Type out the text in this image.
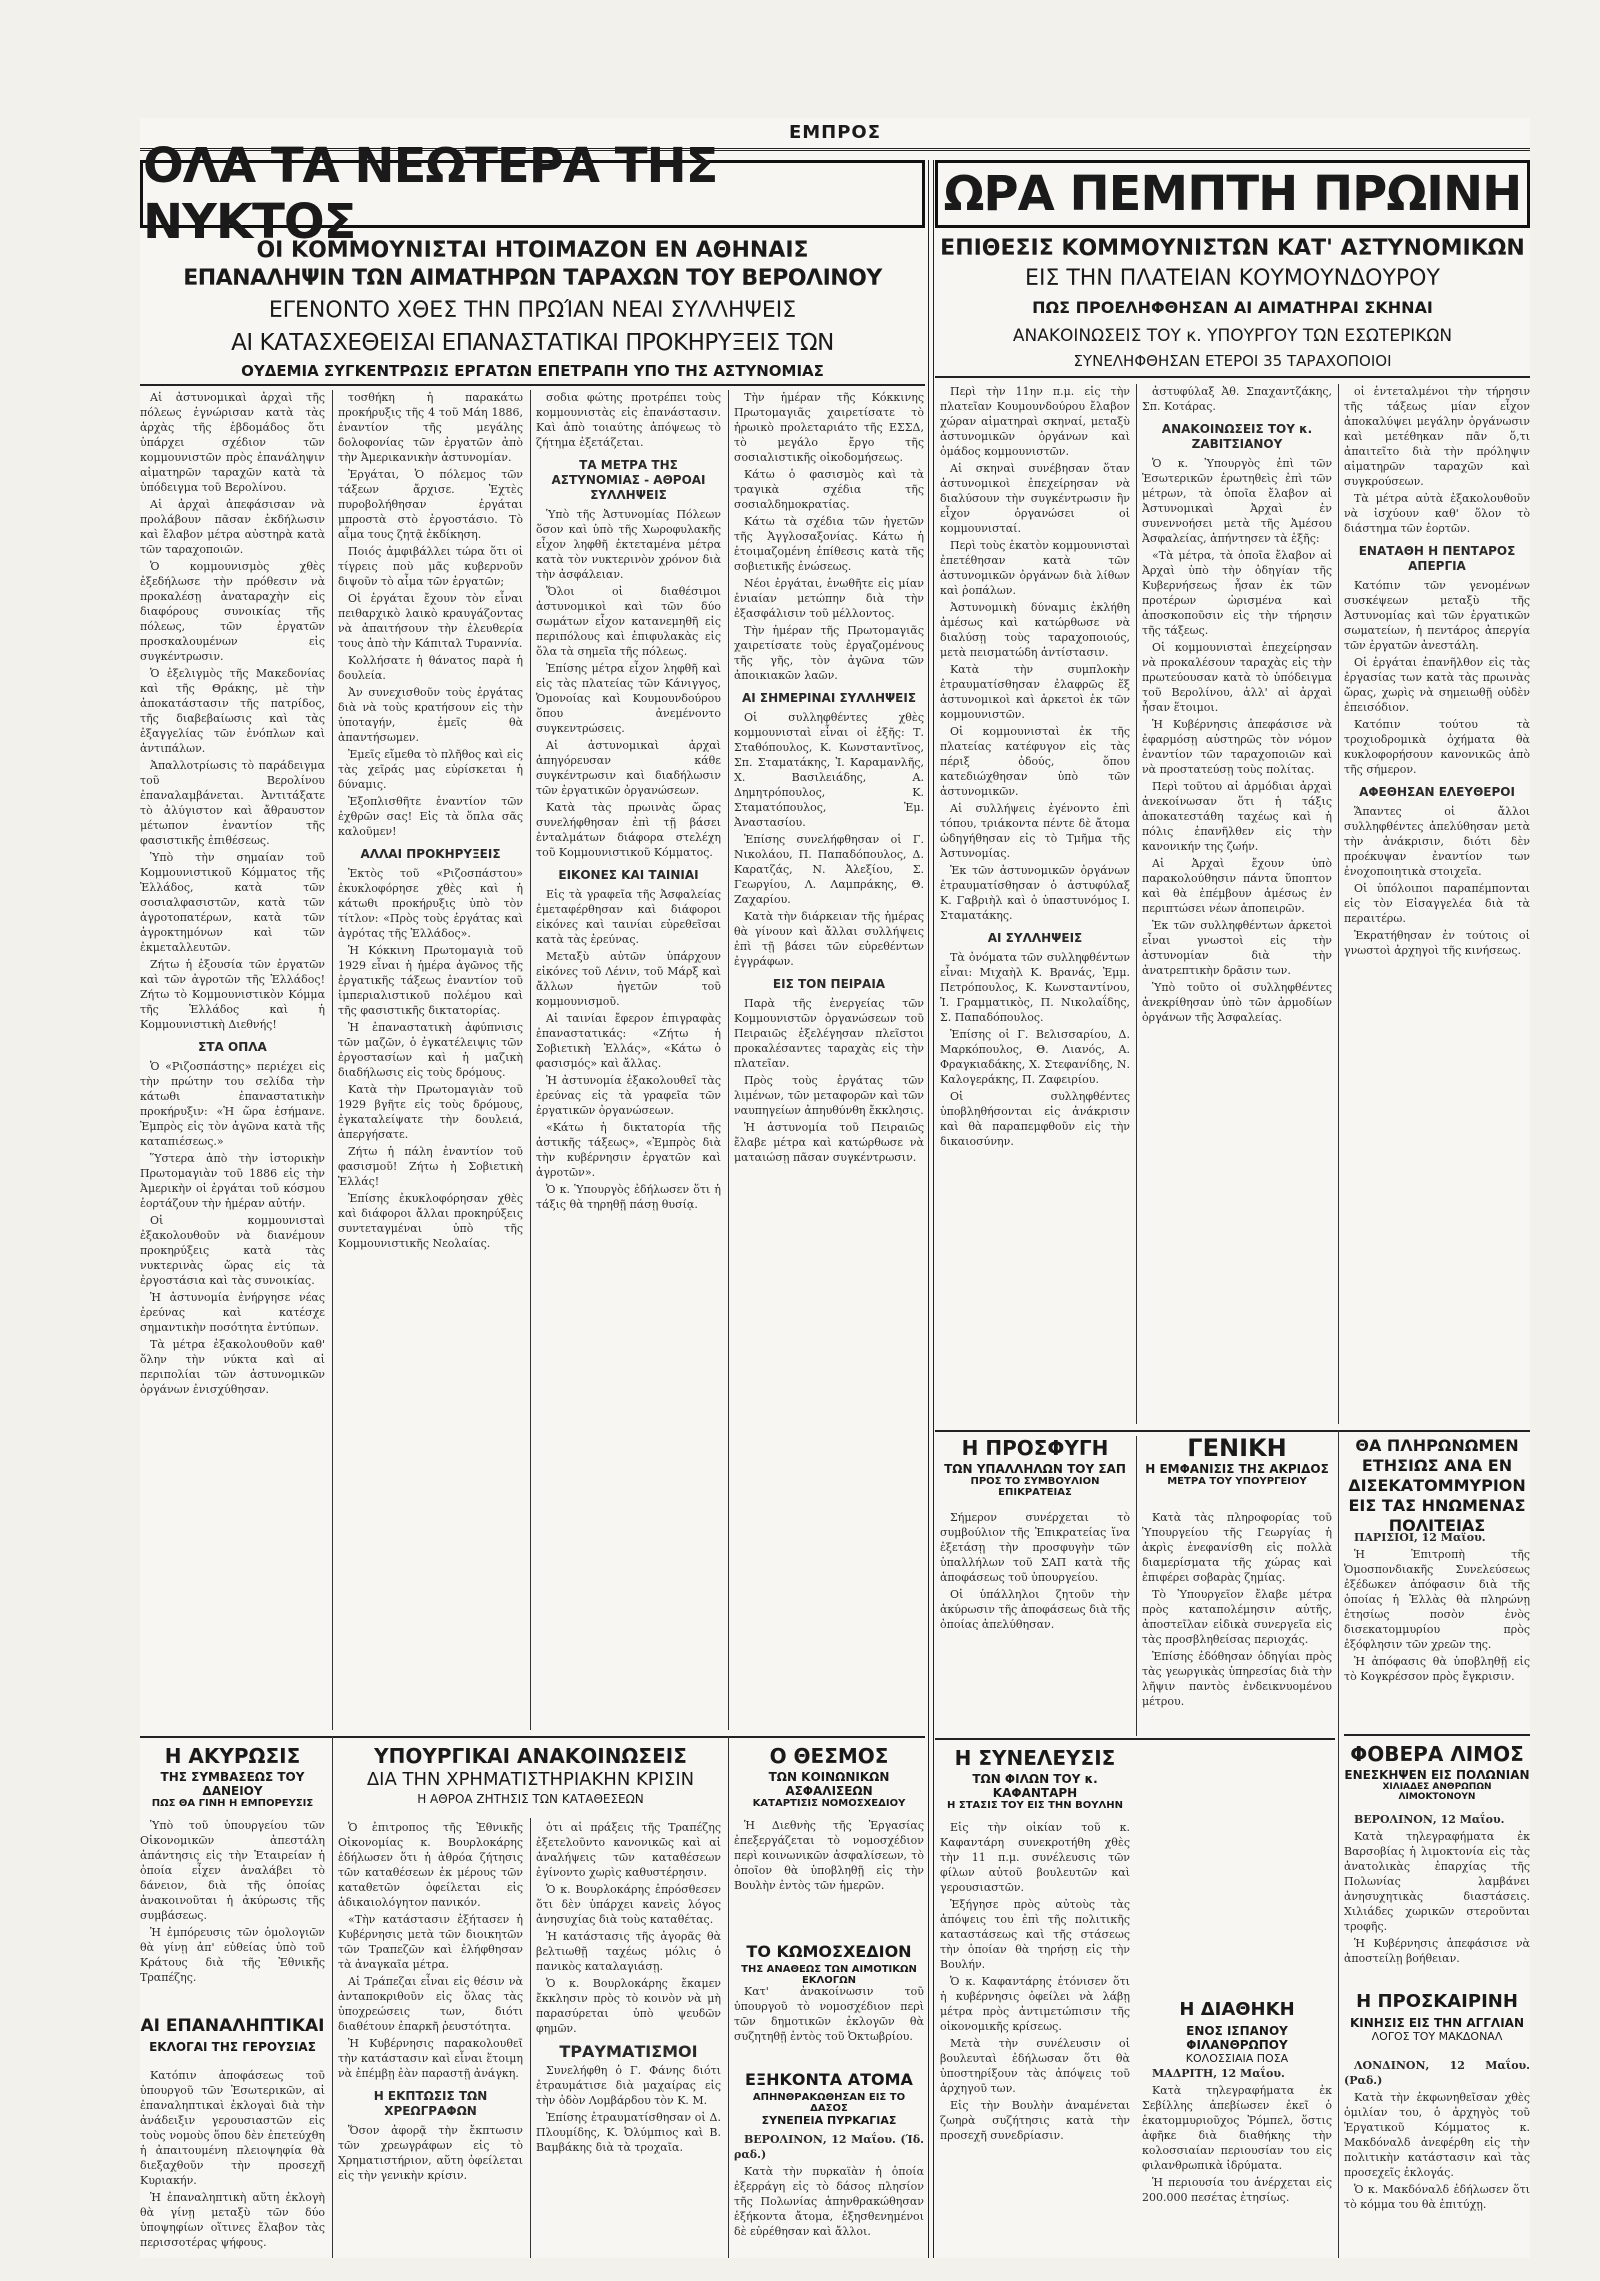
ΕΜΠΡΟΣ
ΟΛΑ ΤΑ ΝΕΩΤΕΡΑ ΤΗΣ ΝΥΚΤΟΣ	ΩΡΑ ΠΕΜΠΤΗ ΠΡΩΙΝΗ
ΟΙ ΚΟΜΜΟΥΝΙΣΤΑΙ ΗΤΟΙΜΑΖΟΝ ΕΝ ΑΘΗΝΑΙΣ
ΕΠΑΝΑΛΗΨΙΝ ΤΩΝ ΑΙΜΑΤΗΡΩΝ ΤΑΡΑΧΩΝ ΤΟΥ ΒΕΡΟΛΙΝΟΥ
ΕΓΕΝΟΝΤΟ ΧΘΕΣ ΤΗΝ ΠΡΩΊΑΝ ΝΕΑΙ ΣΥΛΛΗΨΕΙΣ
ΑΙ ΚΑΤΑΣΧΕΘΕΙΣΑΙ ΕΠΑΝΑΣΤΑΤΙΚΑΙ ΠΡΟΚΗΡΥΞΕΙΣ ΤΩΝ
ΟΥΔΕΜΙΑ ΣΥΓΚΕΝΤΡΩΣΙΣ ΕΡΓΑΤΩΝ ΕΠΕΤΡΑΠΗ ΥΠΟ ΤΗΣ ΑΣΤΥΝΟΜΙΑΣ
ΕΠΙΘΕΣΙΣ ΚΟΜΜΟΥΝΙΣΤΩΝ ΚΑΤ' ΑΣΤΥΝΟΜΙΚΩΝ
ΕΙΣ ΤΗΝ ΠΛΑΤΕΙΑΝ ΚΟΥΜΟΥΝΔΟΥΡΟΥ
ΠΩΣ ΠΡΟΕΛΗΦΘΗΣΑΝ ΑΙ ΑΙΜΑΤΗΡΑΙ ΣΚΗΝΑΙ
ΑΝΑΚΟΙΝΩΣΕΙΣ ΤΟΥ κ. ΥΠΟΥΡΓΟΥ ΤΩΝ ΕΣΩΤΕΡΙΚΩΝ
ΣΥΝΕΛΗΦΘΗΣΑΝ ΕΤΕΡΟΙ 35 ΤΑΡΑΧΟΠΟΙΟΙ

Αἱ ἀστυνομικαὶ ἀρχαὶ τῆς πόλεως ἐγνώρισαν κατὰ τὰς ἀρχὰς τῆς ἑβδομάδος ὅτι ὑπάρχει σχέδιον τῶν κομμουνιστῶν πρὸς ἐπανάληψιν αἱματηρῶν ταραχῶν κατὰ τὰ ὑπόδειγμα τοῦ Βερολίνου.

Αἱ ἀρχαὶ ἀπεφάσισαν νὰ προλάβουν πᾶσαν ἐκδήλωσιν καὶ ἔλαβον μέτρα αὐστηρὰ κατὰ τῶν ταραχοποιῶν.

Ὁ κομμουνισμὸς χθὲς ἐξεδήλωσε τὴν πρόθεσιν νὰ προκαλέσῃ ἀναταραχὴν εἰς διαφόρους συνοικίας τῆς πόλεως, τῶν ἐργατῶν προσκαλουμένων εἰς συγκέντρωσιν.

Ὁ ἐξελιγμὸς τῆς Μακεδονίας καὶ τῆς Θράκης, μὲ τὴν ἀποκατάστασιν τῆς πατρίδος, τῆς διαβεβαίωσις καὶ τὰς ἐξαγγελίας τῶν ἐνόπλων καὶ ἀντιπάλων.

Ἀπαλλοτρίωσις τὸ παράδειγμα τοῦ Βερολίνου ἐπαναλαμβάνεται. Ἀντιτάξατε τὸ ἀλύγιστον καὶ ἄθραυστον μέτωπον ἐναντίον τῆς φασιστικῆς ἐπιθέσεως.

Ὑπὸ τὴν σημαίαν τοῦ Κομμουνιστικοῦ Κόμματος τῆς Ἑλλάδος, κατὰ τῶν σοσιαλφασιστῶν, κατὰ τῶν ἀγροτοπατέρων, κατὰ τῶν ἀγροκτημόνων καὶ τῶν ἐκμεταλλευτῶν.

Ζήτω ἡ ἐξουσία τῶν ἐργατῶν καὶ τῶν ἀγροτῶν τῆς Ἑλλάδος! Ζήτω τὸ Κομμουνιστικὸν Κόμμα τῆς Ἑλλάδος καὶ ἡ Κομμουνιστικὴ Διεθνής!

ΣΤΑ ΟΠΛΑ

Ὁ «Ριζοσπάστης» περιέχει εἰς τὴν πρώτην του σελίδα τὴν κάτωθι ἐπαναστατικὴν προκήρυξιν: «Ἡ ὥρα ἐσήμανε. Ἐμπρὸς εἰς τὸν ἀγῶνα κατὰ τῆς καταπιέσεως.»

Ὕστερα ἀπὸ τὴν ἱστορικὴν Πρωτομαγιὰν τοῦ 1886 εἰς τὴν Ἀμερικὴν οἱ ἐργάται τοῦ κόσμου ἑορτάζουν τὴν ἡμέραν αὐτήν.

Οἱ κομμουνισταὶ ἐξακολουθοῦν νὰ διανέμουν προκηρύξεις κατὰ τὰς νυκτερινὰς ὥρας εἰς τὰ ἐργοστάσια καὶ τὰς συνοικίας.

Ἡ ἀστυνομία ἐνήργησε νέας ἐρεύνας καὶ κατέσχε σημαντικὴν ποσότητα ἐντύπων.

Τὰ μέτρα ἐξακολουθοῦν καθ' ὅλην τὴν νύκτα καὶ αἱ περιπολίαι τῶν ἀστυνομικῶν ὀργάνων ἐνισχύθησαν.

τοσθήκη ἡ παρακάτω προκήρυξις τῆς 4 τοῦ Μάη 1886, ἐναντίον τῆς μεγάλης δολοφονίας τῶν ἐργατῶν ἀπὸ τὴν Ἀμερικανικὴν ἀστυνομίαν.

Ἐργάται, Ὁ πόλεμος τῶν τάξεων ἄρχισε. Ἐχτὲς πυροβολήθησαν ἐργάται μπροστὰ στὸ ἐργοστάσιο. Τὸ αἷμα τους ζητᾷ ἐκδίκηση.

Ποιός ἀμφιβάλλει τώρα ὅτι οἱ τίγρεις ποὺ μᾶς κυβερνοῦν διψοῦν τὸ αἷμα τῶν ἐργατῶν;

Οἱ ἐργάται ἔχουν τὸν εἶναι πειθαρχικὸ λαικὸ κραυγάζοντας νὰ ἀπαιτήσουν τὴν ἐλευθερία τους ἀπὸ τὴν Κάπιταλ Τυραννία.

Κολλήσατε ἡ θάνατος παρὰ ἡ δουλεία.

Ἀν συνεχισθοῦν τοὺς ἐργάτας διὰ νὰ τοὺς κρατήσουν εἰς τὴν ὑποταγήν, ἐμεῖς θὰ ἀπαντήσωμεν.

Ἐμεῖς εἴμεθα τὸ πλῆθος καὶ εἰς τὰς χεῖράς μας εὑρίσκεται ἡ δύναμις.

Ἐξοπλισθῆτε ἐναντίον τῶν ἐχθρῶν σας! Εἰς τὰ ὅπλα σᾶς καλοῦμεν!

ΑΛΛΑΙ ΠΡΟΚΗΡΥΞΕΙΣ

Ἐκτὸς τοῦ «Ριζοσπάστου» ἐκυκλοφόρησε χθὲς καὶ ἡ κάτωθι προκήρυξις ὑπὸ τὸν τίτλον: «Πρὸς τοὺς ἐργάτας καὶ ἀγρότας τῆς Ἑλλάδος».

Ἡ Κόκκινη Πρωτομαγιὰ τοῦ 1929 εἶναι ἡ ἡμέρα ἀγῶνος τῆς ἐργατικῆς τάξεως ἐναντίον τοῦ ἱμπεριαλιστικοῦ πολέμου καὶ τῆς φασιστικῆς δικτατορίας.

Ἡ ἐπαναστατικὴ ἀφύπνισις τῶν μαζῶν, ὁ ἐγκατέλειψις τῶν ἐργοστασίων καὶ ἡ μαζικὴ διαδήλωσις εἰς τοὺς δρόμους.

Κατὰ τὴν Πρωτομαγιὰν τοῦ 1929 βγῆτε εἰς τοὺς δρόμους, ἐγκαταλείψατε τὴν δουλειά, ἀπεργήσατε.

Ζήτω ἡ πάλη ἐναντίον τοῦ φασισμοῦ! Ζήτω ἡ Σοβιετικὴ Ἑλλάς!

Ἐπίσης ἐκυκλοφόρησαν χθὲς καὶ διάφοροι ἄλλαι προκηρύξεις συντεταγμέναι ὑπὸ τῆς Κομμουνιστικῆς Νεολαίας.

σοδια φώτης προτρέπει τοὺς κομμουνιστὰς εἰς ἐπανάστασιν. Καὶ ἀπὸ τοιαύτης ἀπόψεως τὸ ζήτημα ἐξετάζεται.

ΤΑ ΜΕΤΡΑ ΤΗΣ ΑΣΤΥΝΟΜΙΑΣ - ΑΘΡΟΑΙ ΣΥΛΛΗΨΕΙΣ

Ὑπὸ τῆς Ἀστυνομίας Πόλεων ὅσον καὶ ὑπὸ τῆς Χωροφυλακῆς εἶχον ληφθῆ ἐκτεταμένα μέτρα κατὰ τὸν νυκτερινὸν χρόνον διὰ τὴν ἀσφάλειαν.

Ὅλοι οἱ διαθέσιμοι ἀστυνομικοὶ καὶ τῶν δύο σωμάτων εἶχον κατανεμηθῆ εἰς περιπόλους καὶ ἐπιφυλακὰς εἰς ὅλα τὰ σημεῖα τῆς πόλεως.

Ἐπίσης μέτρα εἶχον ληφθῆ καὶ εἰς τὰς πλατείας τῶν Κάνιγγος, Ὁμονοίας καὶ Κουμουνδούρου ὅπου ἀνεμένοντο συγκεντρώσεις.

Αἱ ἀστυνομικαὶ ἀρχαὶ ἀπηγόρευσαν κάθε συγκέντρωσιν καὶ διαδήλωσιν τῶν ἐργατικῶν ὀργανώσεων.

Κατὰ τὰς πρωινὰς ὥρας συνελήφθησαν ἐπὶ τῇ βάσει ἐνταλμάτων διάφορα στελέχη τοῦ Κομμουνιστικοῦ Κόμματος.

ΕΙΚΟΝΕΣ ΚΑΙ ΤΑΙΝΙΑΙ

Εἰς τὰ γραφεῖα τῆς Ἀσφαλείας ἐμεταφέρθησαν καὶ διάφοροι εἰκόνες καὶ ταινίαι εὑρεθεῖσαι κατὰ τὰς ἐρεύνας.

Μεταξὺ αὐτῶν ὑπάρχουν εἰκόνες τοῦ Λένιν, τοῦ Μάρξ καὶ ἄλλων ἡγετῶν τοῦ κομμουνισμοῦ.

Αἱ ταινίαι ἔφερον ἐπιγραφὰς ἐπαναστατικάς: «Ζήτω ἡ Σοβιετικὴ Ἑλλάς», «Κάτω ὁ φασισμός» καὶ ἄλλας.

Ἡ ἀστυνομία ἐξακολουθεῖ τὰς ἐρεύνας εἰς τὰ γραφεῖα τῶν ἐργατικῶν ὀργανώσεων.

«Κάτω ἡ δικτατορία τῆς ἀστικῆς τάξεως», «Ἐμπρὸς διὰ τὴν κυβέρνησιν ἐργατῶν καὶ ἀγροτῶν».

Ὁ κ. Ὑπουργὸς ἐδήλωσεν ὅτι ἡ τάξις θὰ τηρηθῇ πάσῃ θυσίᾳ.

Τὴν ἡμέραν τῆς Κόκκινης Πρωτομαγιᾶς χαιρετίσατε τὸ ἡρωικὸ προλεταριάτο τῆς ΕΣΣΔ, τὸ μεγάλο ἔργο τῆς σοσιαλιστικῆς οἰκοδομήσεως.

Κάτω ὁ φασισμὸς καὶ τὰ τραγικὰ σχέδια τῆς σοσιαλδημοκρατίας.

Κάτω τὰ σχέδια τῶν ἡγετῶν τῆς Ἀγγλοσαξονίας. Κάτω ἡ ἑτοιμαζομένη ἐπίθεσις κατὰ τῆς σοβιετικῆς ἐνώσεως.

Νέοι ἐργάται, ἑνωθῆτε εἰς μίαν ἑνιαίαν μετώπην διὰ τὴν ἐξασφάλισιν τοῦ μέλλοντος.

Τὴν ἡμέραν τῆς Πρωτομαγιᾶς χαιρετίσατε τοὺς ἐργαζομένους τῆς γῆς, τὸν ἀγῶνα τῶν ἀποικιακῶν λαῶν.

ΑΙ ΣΗΜΕΡΙΝΑΙ ΣΥΛΛΗΨΕΙΣ

Οἱ συλληφθέντες χθὲς κομμουνισταὶ εἶναι οἱ ἑξῆς: Τ. Σταθόπουλος, Κ. Κωνσταντῖνος, Σπ. Σταματάκης, Ἰ. Καραμανλῆς, Χ. Βασιλειάδης, Α. Δημητρόπουλος, Κ. Σταματόπουλος, Ἐμ. Ἀναστασίου.

Ἐπίσης συνελήφθησαν οἱ Γ. Νικολάου, Π. Παπαδόπουλος, Δ. Καρατζάς, Ν. Ἀλεξίου, Σ. Γεωργίου, Λ. Λαμπράκης, Θ. Ζαχαρίου.

Κατὰ τὴν διάρκειαν τῆς ἡμέρας θὰ γίνουν καὶ ἄλλαι συλλήψεις ἐπὶ τῇ βάσει τῶν εὑρεθέντων ἐγγράφων.

ΕΙΣ ΤΟΝ ΠΕΙΡΑΙΑ

Παρὰ τῆς ἐνεργείας τῶν Κομμουνιστῶν ὀργανώσεων τοῦ Πειραιῶς ἐξελέγησαν πλεῖστοι προκαλέσαντες ταραχὰς εἰς τὴν πλατεῖαν.

Πρὸς τοὺς ἐργάτας τῶν λιμένων, τῶν μεταφορῶν καὶ τῶν ναυπηγείων ἀπηυθύνθη ἔκκλησις.

Ἡ ἀστυνομία τοῦ Πειραιῶς ἔλαβε μέτρα καὶ κατώρθωσε νὰ ματαιώσῃ πᾶσαν συγκέντρωσιν.

Περὶ τὴν 11ην π.μ. εἰς τὴν πλατεῖαν Κουμουνδούρου ἔλαβον χώραν αἱματηραὶ σκηναί, μεταξὺ ἀστυνομικῶν ὀργάνων καὶ ὁμάδος κομμουνιστῶν.

Αἱ σκηναὶ συνέβησαν ὅταν ἀστυνομικοὶ ἐπεχείρησαν νὰ διαλύσουν τὴν συγκέντρωσιν ἣν εἶχον ὀργανώσει οἱ κομμουνισταί.

Περὶ τοὺς ἑκατὸν κομμουνισταὶ ἐπετέθησαν κατὰ τῶν ἀστυνομικῶν ὀργάνων διὰ λίθων καὶ ῥοπάλων.

Ἀστυνομικὴ δύναμις ἐκλήθη ἀμέσως καὶ κατώρθωσε νὰ διαλύσῃ τοὺς ταραχοποιούς, μετὰ πεισματώδη ἀντίστασιν.

Κατὰ τὴν συμπλοκὴν ἐτραυματίσθησαν ἐλαφρῶς ἕξ ἀστυνομικοὶ καὶ ἀρκετοὶ ἐκ τῶν κομμουνιστῶν.

Οἱ κομμουνισταὶ ἐκ τῆς πλατείας κατέφυγον εἰς τὰς πέριξ ὁδούς, ὅπου κατεδιώχθησαν ὑπὸ τῶν ἀστυνομικῶν.

Αἱ συλλήψεις ἐγένοντο ἐπὶ τόπου, τριάκοντα πέντε δὲ ἄτομα ὡδηγήθησαν εἰς τὸ Τμῆμα τῆς Ἀστυνομίας.

Ἐκ τῶν ἀστυνομικῶν ὀργάνων ἐτραυματίσθησαν ὁ ἀστυφύλαξ Κ. Γαβριὴλ καὶ ὁ ὑπαστυνόμος Ι. Σταματάκης.

ΑΙ ΣΥΛΛΗΨΕΙΣ

Τὰ ὀνόματα τῶν συλληφθέντων εἶναι: Μιχαὴλ Κ. Βρανάς, Ἐμμ. Πετρόπουλος, Κ. Κωνσταντίνου, Ἰ. Γραμματικὸς, Π. Νικολαΐδης, Σ. Παπαδόπουλος.

Ἐπίσης οἱ Γ. Βελισσαρίου, Δ. Μαρκόπουλος, Θ. Λιανός, Α. Φραγκιαδάκης, Χ. Στεφανίδης, Ν. Καλογεράκης, Π. Ζαφειρίου.

Οἱ συλληφθέντες ὑποβληθήσονται εἰς ἀνάκρισιν καὶ θὰ παραπεμφθοῦν εἰς τὴν δικαιοσύνην.

ἀστυφύλαξ Ἀθ. Σπαχαντζάκης, Σπ. Κοτάρας.

ΑΝΑΚΟΙΝΩΣΕΙΣ ΤΟΥ κ. ΖΑΒΙΤΣΙΑΝΟΥ

Ὁ κ. Ὑπουργὸς ἐπὶ τῶν Ἐσωτερικῶν ἐρωτηθεὶς ἐπὶ τῶν μέτρων, τὰ ὁποῖα ἔλαβον αἱ Ἀστυνομικαὶ Ἀρχαὶ ἐν συνεννοήσει μετὰ τῆς Ἀμέσου Ἀσφαλείας, ἀπήντησεν τὰ ἑξῆς:

«Τὰ μέτρα, τὰ ὁποῖα ἔλαβον αἱ Ἀρχαὶ ὑπὸ τὴν ὁδηγίαν τῆς Κυβερνήσεως ἦσαν ἐκ τῶν προτέρων ὡρισμένα καὶ ἀποσκοποῦσιν εἰς τὴν τήρησιν τῆς τάξεως.

Οἱ κομμουνισταὶ ἐπεχείρησαν νὰ προκαλέσουν ταραχὰς εἰς τὴν πρωτεύουσαν κατὰ τὸ ὑπόδειγμα τοῦ Βερολίνου, ἀλλ' αἱ ἀρχαὶ ἦσαν ἕτοιμοι.

Ἡ Κυβέρνησις ἀπεφάσισε νὰ ἐφαρμόσῃ αὐστηρῶς τὸν νόμον ἐναντίον τῶν ταραχοποιῶν καὶ νὰ προστατεύσῃ τοὺς πολίτας.

Περὶ τοῦτου αἱ ἀρμόδιαι ἀρχαὶ ἀνεκοίνωσαν ὅτι ἡ τάξις ἀποκατεστάθη ταχέως καὶ ἡ πόλις ἐπανῆλθεν εἰς τὴν κανονικήν της ζωήν.

Αἱ Ἀρχαὶ ἔχουν ὑπὸ παρακολούθησιν πάντα ὕποπτον καὶ θὰ ἐπέμβουν ἀμέσως ἐν περιπτώσει νέων ἀποπειρῶν.

Ἐκ τῶν συλληφθέντων ἀρκετοὶ εἶναι γνωστοὶ εἰς τὴν ἀστυνομίαν διὰ τὴν ἀνατρεπτικὴν δρᾶσιν των.

Ὑπὸ τοῦτο οἱ συλληφθέντες ἀνεκρίθησαν ὑπὸ τῶν ἀρμοδίων ὀργάνων τῆς Ἀσφαλείας.

οἱ ἐντεταλμένοι τὴν τήρησιν τῆς τάξεως μίαν εἶχον ἀποκαλύψει μεγάλην ὀργάνωσιν καὶ μετέθηκαν πᾶν ὅ,τι ἀπαιτεῖτο διὰ τὴν πρόληψιν αἱματηρῶν ταραχῶν καὶ συγκρούσεων.

Τὰ μέτρα αὐτὰ ἐξακολουθοῦν νὰ ἰσχύουν καθ' ὅλον τὸ διάστημα τῶν ἑορτῶν.

ΕΝΑΤΑΘΗ Η ΠΕΝΤΑΡΟΣ ΑΠΕΡΓΙΑ

Κατόπιν τῶν γενομένων συσκέψεων μεταξὺ τῆς Ἀστυνομίας καὶ τῶν ἐργατικῶν σωματείων, ἡ πεντάρος ἀπεργία τῶν ἐργατῶν ἀνεστάλη.

Οἱ ἐργάται ἐπανῆλθον εἰς τὰς ἐργασίας των κατὰ τὰς πρωινὰς ὥρας, χωρὶς νὰ σημειωθῇ οὐδὲν ἐπεισόδιον.

Κατόπιν τούτου τὰ τροχιοδρομικὰ ὀχήματα θὰ κυκλοφορήσουν κανονικῶς ἀπὸ τῆς σήμερον.

ΑΦΕΘΗΣΑΝ ΕΛΕΥΘΕΡΟΙ

Ἅπαντες οἱ ἄλλοι συλληφθέντες ἀπελύθησαν μετὰ τὴν ἀνάκρισιν, διότι δὲν προέκυψαν ἐναντίον των ἐνοχοποιητικὰ στοιχεῖα.

Οἱ ὑπόλοιποι παραπέμπονται εἰς τὸν Εἰσαγγελέα διὰ τὰ περαιτέρω.

Ἐκρατήθησαν ἐν τούτοις οἱ γνωστοὶ ἀρχηγοὶ τῆς κινήσεως.

Η ΠΡΟΣΦΥΓΗ
ΤΩΝ ΥΠΑΛΛΗΛΩΝ ΤΟΥ ΣΑΠ
ΠΡΟΣ ΤΟ ΣΥΜΒΟΥΛΙΟΝ ΕΠΙΚΡΑΤΕΙΑΣ

Σήμερον συνέρχεται τὸ συμβούλιον τῆς Ἐπικρατείας ἵνα ἐξετάσῃ τὴν προσφυγὴν τῶν ὑπαλλήλων τοῦ ΣΑΠ κατὰ τῆς ἀποφάσεως τοῦ ὑπουργείου.

Οἱ ὑπάλληλοι ζητοῦν τὴν ἀκύρωσιν τῆς ἀποφάσεως διὰ τῆς ὁποίας ἀπελύθησαν.

ΓΕΝΙΚΗ
Η ΕΜΦΑΝΙΣΙΣ ΤΗΣ ΑΚΡΙΔΟΣ
ΜΕΤΡΑ ΤΟΥ ΥΠΟΥΡΓΕΙΟΥ

Κατὰ τὰς πληροφορίας τοῦ Ὑπουργείου τῆς Γεωργίας ἡ ἀκρὶς ἐνεφανίσθη εἰς πολλὰ διαμερίσματα τῆς χώρας καὶ ἐπιφέρει σοβαρὰς ζημίας.

Τὸ Ὑπουργεῖον ἔλαβε μέτρα πρὸς καταπολέμησιν αὐτῆς, ἀποστεῖλαν εἰδικὰ συνεργεῖα εἰς τὰς προσβληθείσας περιοχάς.

Ἐπίσης ἐδόθησαν ὁδηγίαι πρὸς τὰς γεωργικὰς ὑπηρεσίας διὰ τὴν λῆψιν παντὸς ἐνδεικνυομένου μέτρου.

ΘΑ ΠΛΗΡΩΝΩΜΕΝ ΕΤΗΣΙΩΣ ΑΝΑ ΕΝ ΔΙΣΕΚΑΤΟΜΜΥΡΙΟΝ ΕΙΣ ΤΑΣ ΗΝΩΜΕΝΑΣ ΠΟΛΙΤΕΙΑΣ

ΠΑΡΙΣΙΟΙ, 12 Μαΐου.

Ἡ Ἐπιτροπὴ τῆς Ὁμοσπονδιακῆς Συνελεύσεως ἐξέδωκεν ἀπόφασιν διὰ τῆς ὁποίας ἡ Ἑλλὰς θὰ πληρώνῃ ἐτησίως ποσὸν ἑνὸς δισεκατομμυρίου πρὸς ἐξόφλησιν τῶν χρεῶν της.

Ἡ ἀπόφασις θὰ ὑποβληθῇ εἰς τὸ Κογκρέσσον πρὸς ἔγκρισιν.

Η ΑΚΥΡΩΣΙΣ
ΤΗΣ ΣΥΜΒΑΣΕΩΣ ΤΟΥ ΔΑΝΕΙΟΥ
ΠΩΣ ΘΑ ΓΙΝΗ Η ΕΜΠΟΡΕΥΣΙΣ

Ὑπὸ τοῦ ὑπουργείου τῶν Οἰκονομικῶν ἀπεστάλη ἀπάντησις εἰς τὴν Ἑταιρείαν ἡ ὁποία εἶχεν ἀναλάβει τὸ δάνειον, διὰ τῆς ὁποίας ἀνακοινοῦται ἡ ἀκύρωσις τῆς συμβάσεως.

Ἡ ἐμπόρευσις τῶν ὁμολογιῶν θὰ γίνῃ ἀπ' εὐθείας ὑπὸ τοῦ Κράτους διὰ τῆς Ἐθνικῆς Τραπέζης.

ΑΙ ΕΠΑΝΑΛΗΠΤΙΚΑΙ
ΕΚΛΟΓΑΙ ΤΗΣ ΓΕΡΟΥΣΙΑΣ

Κατόπιν ἀποφάσεως τοῦ ὑπουργοῦ τῶν Ἐσωτερικῶν, αἱ ἐπαναληπτικαὶ ἐκλογαὶ διὰ τὴν ἀνάδειξιν γερουσιαστῶν εἰς τοὺς νομοὺς ὅπου δὲν ἐπετεύχθη ἡ ἀπαιτουμένη πλειοψηφία θὰ διεξαχθοῦν τὴν προσεχῆ Κυριακήν.

Ἡ ἐπαναληπτικὴ αὕτη ἐκλογὴ θὰ γίνῃ μεταξὺ τῶν δύο ὑποψηφίων οἵτινες ἔλαβον τὰς περισσοτέρας ψήφους.

ΥΠΟΥΡΓΙΚΑΙ ΑΝΑΚΟΙΝΩΣΕΙΣ
ΔΙΑ ΤΗΝ ΧΡΗΜΑΤΙΣΤΗΡΙΑΚΗΝ ΚΡΙΣΙΝ
Η ΑΘΡΟΑ ΖΗΤΗΣΙΣ ΤΩΝ ΚΑΤΑΘΕΣΕΩΝ

Ὁ ἐπιτροπος τῆς Ἐθνικῆς Οἰκονομίας κ. Βουρλοκάρης ἐδήλωσεν ὅτι ἡ ἀθρόα ζήτησις τῶν καταθέσεων ἐκ μέρους τῶν καταθετῶν ὀφείλεται εἰς ἀδικαιολόγητον πανικόν.

«Τὴν κατάστασιν ἐξήτασεν ἡ Κυβέρνησις μετὰ τῶν διοικητῶν τῶν Τραπεζῶν καὶ ἐλήφθησαν τὰ ἀναγκαῖα μέτρα.

Αἱ Τράπεζαι εἶναι εἰς θέσιν νὰ ἀνταποκριθοῦν εἰς ὅλας τὰς ὑποχρεώσεις των, διότι διαθέτουν ἐπαρκῆ ῥευστότητα.

Ἡ Κυβέρνησις παρακολουθεῖ τὴν κατάστασιν καὶ εἶναι ἕτοιμη νὰ ἐπέμβῃ ἐὰν παραστῇ ἀνάγκη.

Η ΕΚΠΤΩΣΙΣ ΤΩΝ ΧΡΕΩΓΡΑΦΩΝ

Ὅσον ἀφορᾷ τὴν ἔκπτωσιν τῶν χρεωγράφων εἰς τὸ Χρηματιστήριον, αὕτη ὀφείλεται εἰς τὴν γενικὴν κρίσιν.

ὁτι αἱ πράξεις τῆς Τραπέζης ἐξετελοῦντο κανονικῶς καὶ αἱ ἀναλήψεις τῶν καταθέσεων ἐγίνοντο χωρὶς καθυστέρησιν.

Ὁ κ. Βουρλοκάρης ἐπρόσθεσεν ὅτι δὲν ὑπάρχει κανεὶς λόγος ἀνησυχίας διὰ τοὺς καταθέτας.

Ἡ κατάστασις τῆς ἀγορᾶς θὰ βελτιωθῇ ταχέως μόλις ὁ πανικὸς καταλαγιάσῃ.

Ὁ κ. Βουρλοκάρης ἔκαμεν ἔκκλησιν πρὸς τὸ κοινὸν νὰ μὴ παρασύρεται ὑπὸ ψευδῶν φημῶν.

ΤΡΑΥΜΑΤΙΣΜΟΙ

Συνελήφθη ὁ Γ. Φάνης διότι ἐτραυμάτισε διὰ μαχαίρας εἰς τὴν ὁδὸν Λομβάρδου τὸν Κ. Μ.

Ἐπίσης ἐτραυματίσθησαν οἱ Δ. Πλουμίδης, Κ. Ὀλύμπιος καὶ Β. Βαμβάκης διὰ τὰ τροχαῖα.

Ο ΘΕΣΜΟΣ
ΤΩΝ ΚΟΙΝΩΝΙΚΩΝ ΑΣΦΑΛΙΣΕΩΝ
ΚΑΤΑΡΤΙΣΙΣ ΝΟΜΟΣΧΕΔΙΟΥ

Ἡ Διεθνὴς τῆς Ἐργασίας ἐπεξεργάζεται τὸ νομοσχέδιον περὶ κοινωνικῶν ἀσφαλίσεων, τὸ ὁποῖον θὰ ὑποβληθῇ εἰς τὴν Βουλὴν ἐντὸς τῶν ἡμερῶν.

ΤΟ ΚΩΜΟΣΧΕΔΙΟΝ
ΤΗΣ ΑΝΑΘΕΩΣ ΤΩΝ ΑΙΜΟΤΙΚΩΝ ΕΚΛΟΓΩΝ

Κατ' ἀνακοίνωσιν τοῦ ὑπουργοῦ τὸ νομοσχέδιον περὶ τῶν δημοτικῶν ἐκλογῶν θὰ συζητηθῇ ἐντὸς τοῦ Ὀκτωβρίου.

ΕΞΗΚΟΝΤΑ ΑΤΟΜΑ
ΑΠΗΝΘΡΑΚΩΘΗΣΑΝ ΕΙΣ ΤΟ ΔΑΣΟΣ
ΣΥΝΕΠΕΙΑ ΠΥΡΚΑΓΙΑΣ

ΒΕΡΟΛΙΝΟΝ, 12 Μαΐου. (Ίδ. ραδ.)

Κατὰ τὴν πυρκαϊὰν ἡ ὁποία ἐξερράγη εἰς τὸ δάσος πλησίον τῆς Πολωνίας ἀπηνθρακώθησαν ἑξήκοντα ἄτομα, ἐξησθενημένοι δὲ εὑρέθησαν καὶ ἄλλοι.

Η ΣΥΝΕΛΕΥΣΙΣ
ΤΩΝ ΦΙΛΩΝ ΤΟΥ κ. ΚΑΦΑΝΤΑΡΗ
Η ΣΤΑΣΙΣ ΤΟΥ ΕΙΣ ΤΗΝ ΒΟΥΛΗΝ

Εἰς τὴν οἰκίαν τοῦ κ. Καφαντάρη συνεκροτήθη χθὲς τὴν 11 π.μ. συνέλευσις τῶν φίλων αὐτοῦ βουλευτῶν καὶ γερουσιαστῶν.

Ἐξήγησε πρὸς αὐτοὺς τὰς ἀπόψεις του ἐπὶ τῆς πολιτικῆς καταστάσεως καὶ τῆς στάσεως τὴν ὁποίαν θὰ τηρήσῃ εἰς τὴν Βουλήν.

Ὁ κ. Καφαντάρης ἐτόνισεν ὅτι ἡ κυβέρνησις ὀφείλει νὰ λάβῃ μέτρα πρὸς ἀντιμετώπισιν τῆς οἰκονομικῆς κρίσεως.

Μετὰ τὴν συνέλευσιν οἱ βουλευταὶ ἐδήλωσαν ὅτι θὰ ὑποστηρίξουν τὰς ἀπόψεις τοῦ ἀρχηγοῦ των.

Εἰς τὴν Βουλὴν ἀναμένεται ζωηρὰ συζήτησις κατὰ τὴν προσεχῆ συνεδρίασιν.

Η ΔΙΑΘΗΚΗ
ΕΝΟΣ ΙΣΠΑΝΟΥ ΦΙΛΑΝΘΡΩΠΟΥ
ΚΟΛΟΣΣΙΑΙΑ ΠΟΣΑ

ΜΑΔΡΙΤΗ, 12 Μαΐου.

Κατὰ τηλεγραφήματα ἐκ Σεβίλλης ἀπεβίωσεν ἐκεῖ ὁ ἑκατομμυριοῦχος Ῥόμπελ, ὅστις ἀφῆκε διὰ διαθήκης τὴν κολοσσιαίαν περιουσίαν του εἰς φιλανθρωπικὰ ἱδρύματα.

Ἡ περιουσία του ἀνέρχεται εἰς 200.000 πεσέτας ἐτησίως.

ΦΟΒΕΡΑ ΛΙΜΟΣ
ΕΝΕΣΚΗΨΕΝ ΕΙΣ ΠΟΛΩΝΙΑΝ
ΧΙΛΙΑΔΕΣ ΑΝΘΡΩΠΩΝ ΛΙΜΟΚΤΟΝΟΥΝ

ΒΕΡΟΛΙΝΟΝ, 12 Μαΐου.

Κατὰ τηλεγραφήματα ἐκ Βαρσοβίας ἡ λιμοκτονία εἰς τὰς ἀνατολικὰς ἐπαρχίας τῆς Πολωνίας λαμβάνει ἀνησυχητικὰς διαστάσεις. Χιλιάδες χωρικῶν στεροῦνται τροφῆς.

Ἡ Κυβέρνησις ἀπεφάσισε νὰ ἀποστείλῃ βοήθειαν.

Η ΠΡΟΣΚΑΙΡΙΝΗ
ΚΙΝΗΣΙΣ ΕΙΣ ΤΗΝ ΑΓΓΛΙΑΝ
ΛΟΓΟΣ ΤΟΥ ΜΑΚΔΟΝΑΛ

ΛΟΝΔΙΝΟΝ, 12 Μαΐου. (Ραδ.)

Κατὰ τὴν ἐκφωνηθεῖσαν χθὲς ὁμιλίαν του, ὁ ἀρχηγὸς τοῦ Ἐργατικοῦ Κόμματος κ. Μακδόναλδ ἀνεφέρθη εἰς τὴν πολιτικὴν κατάστασιν καὶ τὰς προσεχεῖς ἐκλογάς.

Ὁ κ. Μακδόναλδ ἐδήλωσεν ὅτι τὸ κόμμα του θὰ ἐπιτύχῃ.
